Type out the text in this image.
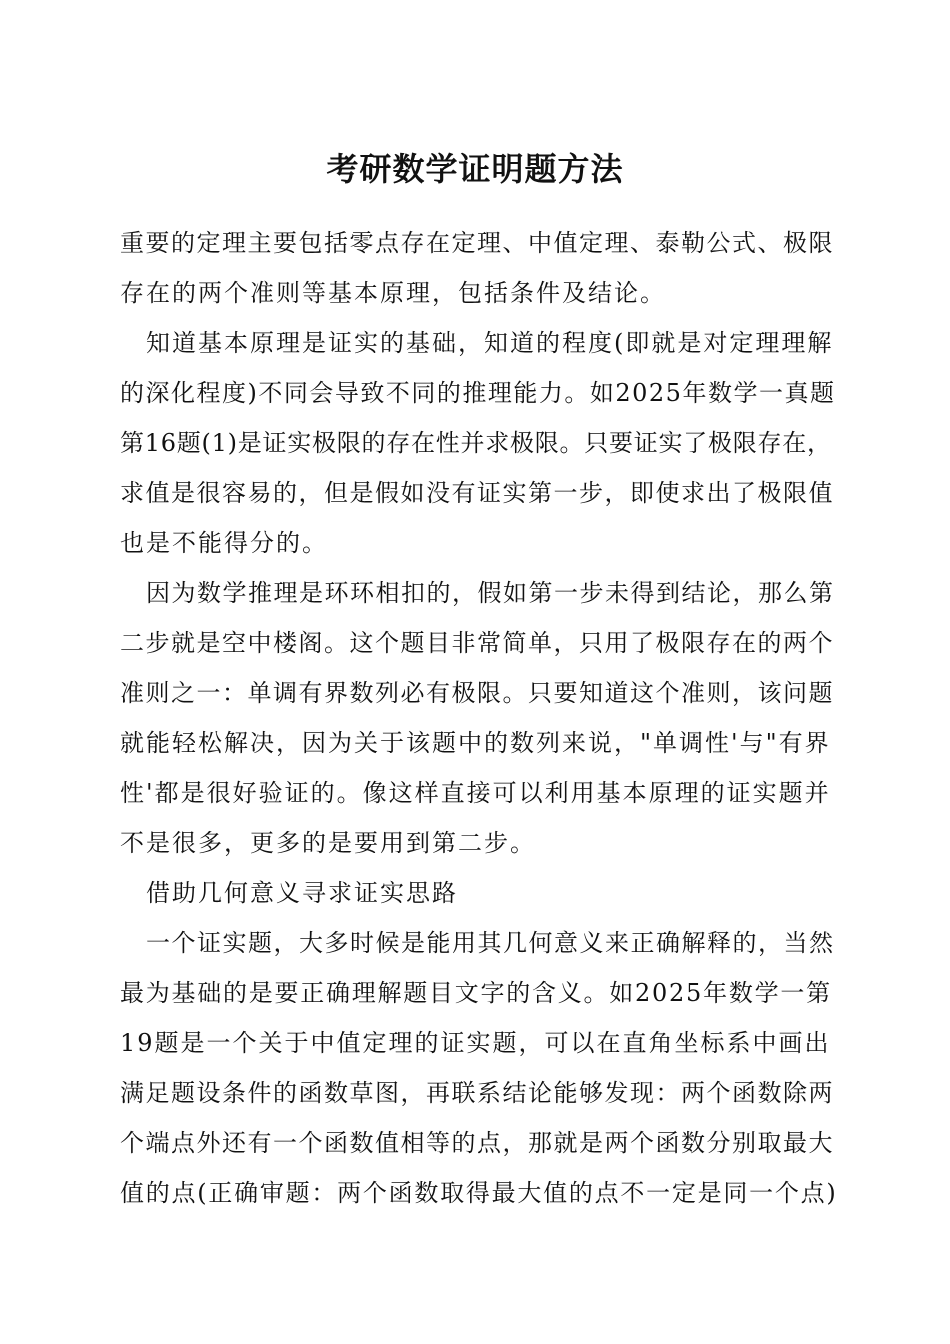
考研数学证明题方法
重要的定理主要包括零点存在定理、中值定理、泰勒公式、极限
存在的两个准则等基本原理，包括条件及结论。
知道基本原理是证实的基础，知道的程度(即就是对定理理解
的深化程度)不同会导致不同的推理能力。如2025年数学一真题
第16题(1)是证实极限的存在性并求极限。只要证实了极限存在，
求值是很容易的，但是假如没有证实第一步，即使求出了极限值
也是不能得分的。
因为数学推理是环环相扣的，假如第一步未得到结论，那么第
二步就是空中楼阁。这个题目非常简单，只用了极限存在的两个
准则之一：单调有界数列必有极限。只要知道这个准则，该问题
就能轻松解决，因为关于该题中的数列来说，"单调性'与"有界
性'都是很好验证的。像这样直接可以利用基本原理的证实题并
不是很多，更多的是要用到第二步。
借助几何意义寻求证实思路
一个证实题，大多时候是能用其几何意义来正确解释的，当然
最为基础的是要正确理解题目文字的含义。如2025年数学一第
19题是一个关于中值定理的证实题，可以在直角坐标系中画出
满足题设条件的函数草图，再联系结论能够发现：两个函数除两
个端点外还有一个函数值相等的点，那就是两个函数分别取最大
值的点(正确审题：两个函数取得最大值的点不一定是同一个点)
